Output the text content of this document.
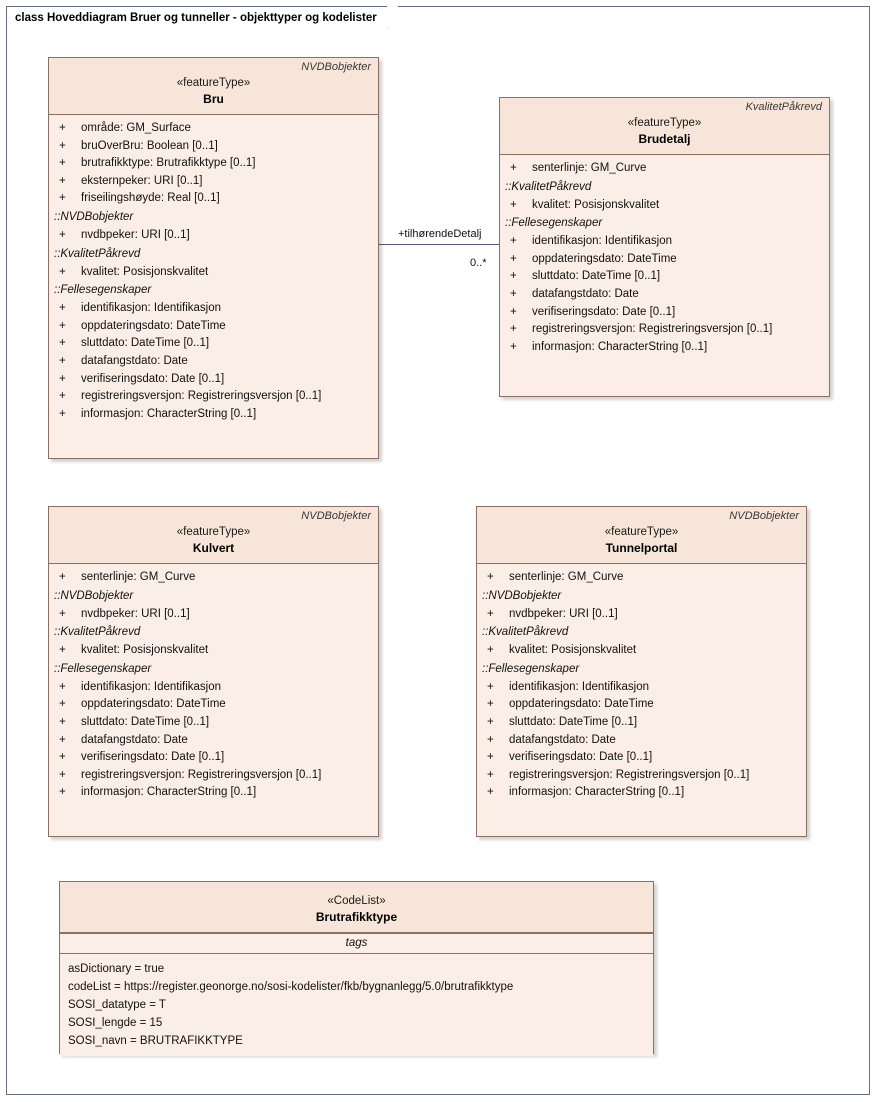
class Hoveddiagram Bruer og tunneller - objekttyper og kodelister
+tilhørendeDetalj
0..*
NVDBobjekter
«featureType»
Bru
+ område: GM_Surface
+ bruOverBru: Boolean [0..1]
+ brutrafikktype: Brutrafikktype [0..1]
+ eksternpeker: URI [0..1]
+ friseilingshøyde: Real [0..1]
::NVDBobjekter
+ nvdbpeker: URI [0..1]
::KvalitetPåkrevd
+ kvalitet: Posisjonskvalitet
::Fellesegenskaper
+ identifikasjon: Identifikasjon
+ oppdateringsdato: DateTime
+ sluttdato: DateTime [0..1]
+ datafangstdato: Date
+ verifiseringsdato: Date [0..1]
+ registreringsversjon: Registreringsversjon [0..1]
+ informasjon: CharacterString [0..1]
KvalitetPåkrevd
«featureType»
Brudetalj
+ senterlinje: GM_Curve
::KvalitetPåkrevd
+ kvalitet: Posisjonskvalitet
::Fellesegenskaper
+ identifikasjon: Identifikasjon
+ oppdateringsdato: DateTime
+ sluttdato: DateTime [0..1]
+ datafangstdato: Date
+ verifiseringsdato: Date [0..1]
+ registreringsversjon: Registreringsversjon [0..1]
+ informasjon: CharacterString [0..1]
NVDBobjekter
«featureType»
Kulvert
+ senterlinje: GM_Curve
::NVDBobjekter
+ nvdbpeker: URI [0..1]
::KvalitetPåkrevd
+ kvalitet: Posisjonskvalitet
::Fellesegenskaper
+ identifikasjon: Identifikasjon
+ oppdateringsdato: DateTime
+ sluttdato: DateTime [0..1]
+ datafangstdato: Date
+ verifiseringsdato: Date [0..1]
+ registreringsversjon: Registreringsversjon [0..1]
+ informasjon: CharacterString [0..1]
NVDBobjekter
«featureType»
Tunnelportal
+ senterlinje: GM_Curve
::NVDBobjekter
+ nvdbpeker: URI [0..1]
::KvalitetPåkrevd
+ kvalitet: Posisjonskvalitet
::Fellesegenskaper
+ identifikasjon: Identifikasjon
+ oppdateringsdato: DateTime
+ sluttdato: DateTime [0..1]
+ datafangstdato: Date
+ verifiseringsdato: Date [0..1]
+ registreringsversjon: Registreringsversjon [0..1]
+ informasjon: CharacterString [0..1]
«CodeList»
Brutrafikktype
tags
asDictionary = true
codeList = https://register.geonorge.no/sosi-kodelister/fkb/bygnanlegg/5.0/brutrafikktype
SOSI_datatype = T
SOSI_lengde = 15
SOSI_navn = BRUTRAFIKKTYPE
